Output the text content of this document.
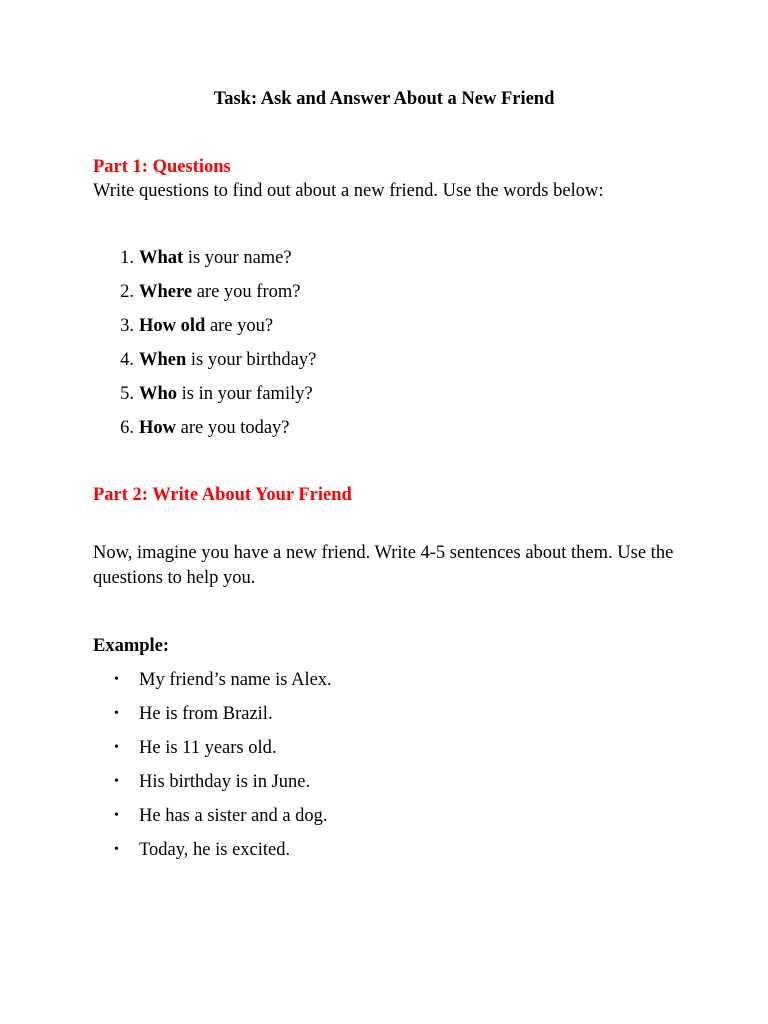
Task: Ask and Answer About a New Friend
Part 1: Questions
Write questions to find out about a new friend. Use the words below:
1. What is your name?
2. Where are you from?
3. How old are you?
4. When is your birthday?
5. Who is in your family?
6. How are you today?
Part 2: Write About Your Friend
Now, imagine you have a new friend. Write 4-5 sentences about them. Use the questions to help you.
Example:
• My friend’s name is Alex.
• He is from Brazil.
• He is 11 years old.
• His birthday is in June.
• He has a sister and a dog.
• Today, he is excited.
